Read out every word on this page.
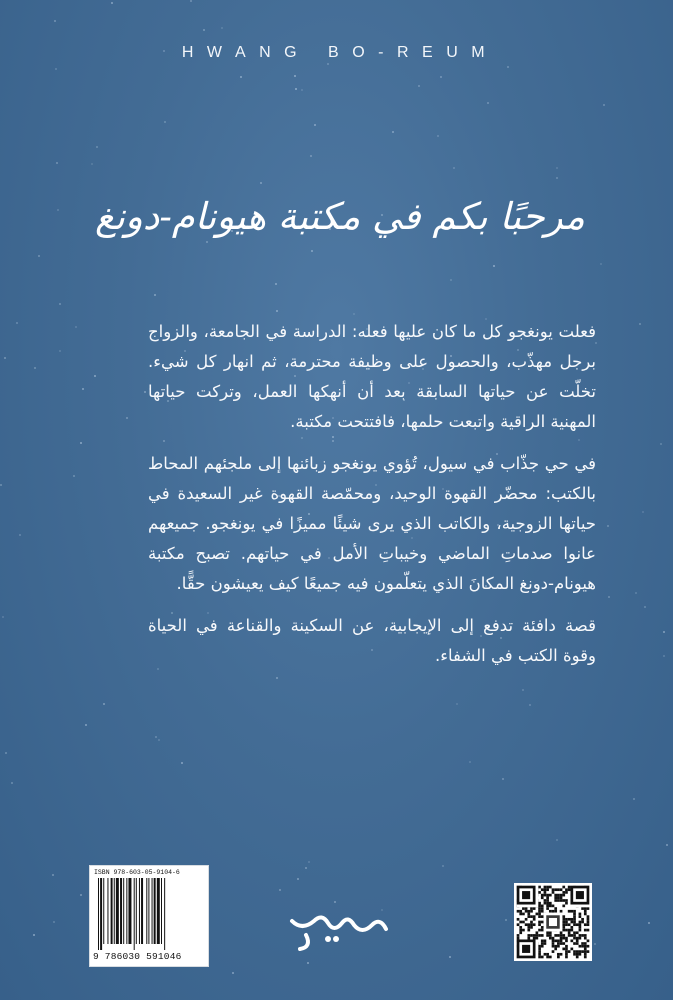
HWANG BO-REUM
مرحبًا بكم في مكتبة هيونام-دونغ

فعلت يونغجو كل ما كان عليها فعله: الدراسة في الجامعة، والزواج برجل مهذّب، والحصول على وظيفة محترمة، ثم انهار كل شيء. تخلّت عن حياتها السابقة بعد أن أنهكها العمل، وتركت حياتها المهنية الراقية واتبعت حلمها، فافتتحت مكتبة.

في حي جذّاب في سيول، تُؤوي يونغجو زبائنها إلى ملجئهم المحاط بالكتب: محضّر القهوة الوحيد، ومحمّصة القهوة غير السعيدة في حياتها الزوجية، والكاتب الذي يرى شيئًا مميزًا في يونغجو. جميعهم عانوا صدماتِ الماضي وخيباتِ الأمل في حياتهم. تصبح مكتبة هيونام-دونغ المكانَ الذي يتعلّمون فيه جميعًا كيف يعيشون حقًّا.

قصة دافئة تدفع إلى الإيجابية، عن السكينة والقناعة في الحياة وقوة الكتب في الشفاء.

ISBN 978-603-05-9104-6
9 786030 591046
